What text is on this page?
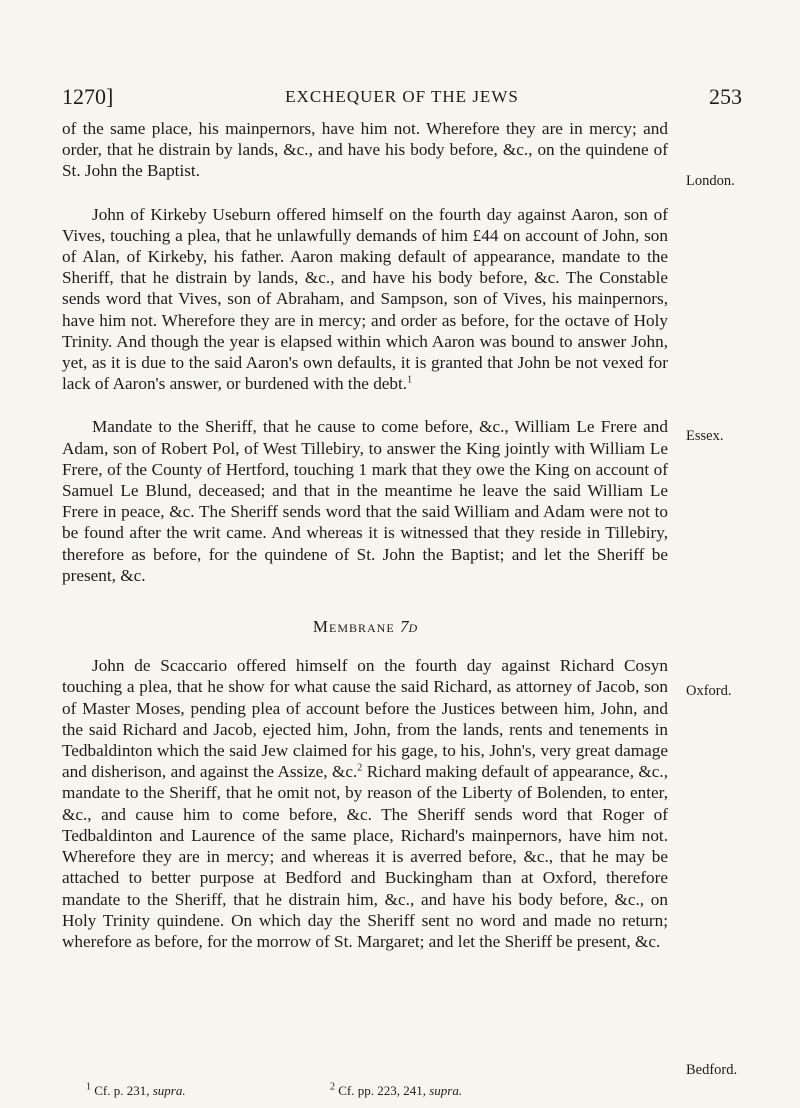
1270]	EXCHEQUER OF THE JEWS	253

of the same place, his mainpernors, have him not. Wherefore they are in mercy; and order, that he distrain by lands, &c., and have his body before, &c., on the quindene of St. John the Baptist.

John of Kirkeby Useburn offered himself on the fourth day against Aaron, son of Vives, touching a plea, that he unlawfully demands of him £44 on account of John, son of Alan, of Kirkeby, his father. Aaron making default of appearance, mandate to the Sheriff, that he distrain by lands, &c., and have his body before, &c. The Constable sends word that Vives, son of Abraham, and Sampson, son of Vives, his mainpernors, have him not. Wherefore they are in mercy; and order as before, for the octave of Holy Trinity. And though the year is elapsed within which Aaron was bound to answer John, yet, as it is due to the said Aaron's own defaults, it is granted that John be not vexed for lack of Aaron's answer, or burdened with the debt.$^1$

Mandate to the Sheriff, that he cause to come before, &c., William Le Frere and Adam, son of Robert Pol, of West Tillebiry, to answer the King jointly with William Le Frere, of the County of Hertford, touching 1 mark that they owe the King on account of Samuel Le Blund, deceased; and that in the meantime he leave the said William Le Frere in peace, &c. The Sheriff sends word that the said William and Adam were not to be found after the writ came. And whereas it is witnessed that they reside in Tillebiry, therefore as before, for the quindene of St. John the Baptist; and let the Sheriff be present, &c.

Membrane 7d

John de Scaccario offered himself on the fourth day against Richard Cosyn touching a plea, that he show for what cause the said Richard, as attorney of Jacob, son of Master Moses, pending plea of account before the Justices between him, John, and the said Richard and Jacob, ejected him, John, from the lands, rents and tenements in Tedbaldinton which the said Jew claimed for his gage, to his, John's, very great damage and disherison, and against the Assize, &c.$^2$ Richard making default of appearance, &c., mandate to the Sheriff, that he omit not, by reason of the Liberty of Bolenden, to enter, &c., and cause him to come before, &c. The Sheriff sends word that Roger of Tedbaldinton and Laurence of the same place, Richard's mainpernors, have him not. Wherefore they are in mercy; and whereas it is averred before, &c., that he may be attached to better purpose at Bedford and Buckingham than at Oxford, therefore mandate to the Sheriff, that he distrain him, &c., and have his body before, &c., on Holy Trinity quindene. On which day the Sheriff sent no word and made no return; wherefore as before, for the morrow of St. Margaret; and let the Sheriff be present, &c.

London.
Essex.
Oxford.
Bedford.
$^1$ Cf. p. 231, supra.	$^2$ Cf. pp. 223, 241, supra.
